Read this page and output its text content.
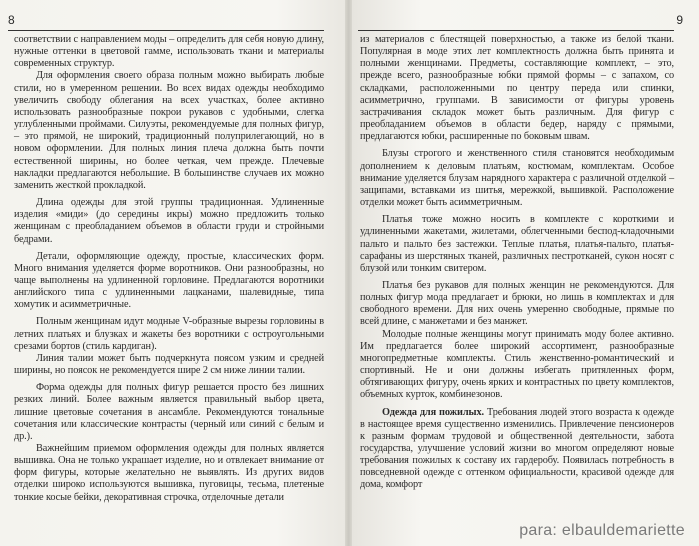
8

соответствии с направлением моды – определить для себя новую длину, нужные оттенки в цветовой гамме, использовать ткани и материалы современных структур.

Для оформления своего образа полным можно выбирать любые стили, но в умеренном решении. Во всех видах одежды необходимо увеличить свободу облегания на всех участках, более активно использовать разнообразные покрои рукавов с удобными, слегка углубленными проймами. Силуэты, рекомендуемые для полных фигур, – это прямой, не широкий, традиционный полуприлегающий, но в новом оформлении. Для полных линия плеча должна быть почти естественной ширины, но более четкая, чем прежде. Плечевые накладки предлагаются небольшие. В большинстве случаев их можно заменить жесткой прокладкой.

Длина одежды для этой группы традиционная. Удлиненные изделия «миди» (до середины икры) можно предложить только женщинам с преобладанием объемов в области груди и стройными бедрами.

Детали, оформляющие одежду, простые, классических форм. Много внимания уделяется форме воротников. Они разнообразны, но чаще выполнены на удлиненной горловине. Предлагаются воротники английского типа с удлиненными лацканами, шалевидные, типа хомутик и асимметричные.

Полным женщинам идут модные V-образные вырезы горловины в летних платьях и блузках и жакеты без воротники с остроугольными срезами бортов (стиль кардиган).

Линия талии может быть подчеркнута поясом узким и средней ширины, но поясок не рекомендуется шире 2 см ниже линии талии.

Форма одежды для полных фигур решается просто без лишних резких линий. Более важным является правильный выбор цвета, лишние цветовые сочетания в ансамбле. Рекомендуются тональные сочетания или классические контрасты (черный или синий с белым и др.).

Важнейшим приемом оформления одежды для полных является вышивка. Она не только украшает изделие, но и отвлекает внимание от форм фигуры, которые желательно не выявлять. Из других видов отделки широко используются вышивка, пуговицы, тесьма, плетеные тонкие косые бейки, декоративная строчка, отделочные детали

9

из материалов с блестящей поверхностью, а также из белой ткани. Популярная в моде этих лет комплектность должна быть принята и полными женщинами. Предметы, составляющие комплект, – это, прежде всего, разнообразные юбки прямой формы – с запахом, со складками, расположенными по центру переда или спинки, асимметрично, группами. В зависимости от фигуры уровень застрачивания складок может быть различным. Для фигур с преобладанием объемов в области бедер, наряду с прямыми, предлагаются юбки, расширенные по боковым швам.

Блузы строгого и женственного стиля становятся необходимым дополнением к деловым платьям, костюмам, комплектам. Особое внимание уделяется блузам нарядного характера с различной отделкой – защипами, вставками из шитья, мережкой, вышивкой. Расположение отделки может быть асимметричным.

Платья тоже можно носить в комплекте с короткими и удлиненными жакетами, жилетами, облегченными беспод-кладочными пальто и пальто без застежки. Теплые платья, платья-пальто, платья-сарафаны из шерстяных тканей, различных пестротканей, сукон носят с блузой или тонким свитером.

Платья без рукавов для полных женщин не рекомендуются. Для полных фигур мода предлагает и брюки, но лишь в комплектах и для свободного времени. Для них очень умеренно свободные, прямые по всей длине, с манжетами и без манжет.

Молодые полные женщины могут принимать моду более активно. Им предлагается более широкий ассортимент, разнообразные многопредметные комплекты. Стиль женственно-романтический и спортивный. Не и они должны избегать притяленных форм, обтягивающих фигуру, очень ярких и контрастных по цвету комплектов, объемных курток, комбинезонов.

Одежда для пожилых. Требования людей этого возраста к одежде в настоящее время существенно изменились. Привлечение пенсионеров к разным формам трудовой и общественной деятельности, забота государства, улучшение условий жизни во многом определяют новые требования пожилых к составу их гардеробу. Появилась потребность в повседневной одежде с оттенком официальности, красивой одежде для дома, комфорт

para: elbauldemariette
